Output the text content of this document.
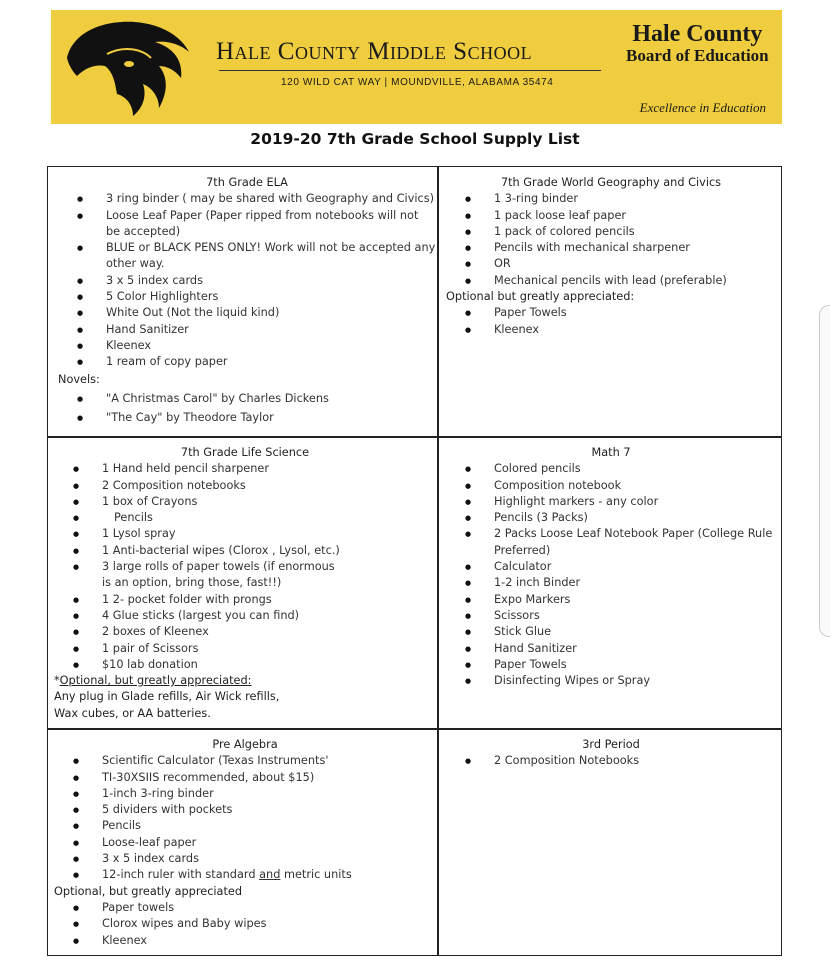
Hale County Middle School
120 WILD CAT WAY | MOUNDVILLE, ALABAMA 35474
Hale County
Board of Education
Excellence in Education
2019-20 7th Grade School Supply List
7th Grade ELA
● 3 ring binder ( may be shared with Geography and Civics)
● Loose Leaf Paper (Paper ripped from notebooks will not be accepted)
● BLUE or BLACK PENS ONLY! Work will not be accepted any other way.
● 3 x 5 index cards
● 5 Color Highlighters
● White Out (Not the liquid kind)
● Hand Sanitizer
● Kleenex
● 1 ream of copy paper
Novels:
● "A Christmas Carol" by Charles Dickens
● "The Cay" by Theodore Taylor
7th Grade World Geography and Civics
● 1 3-ring binder
● 1 pack loose leaf paper
● 1 pack of colored pencils
● Pencils with mechanical sharpener
● OR
● Mechanical pencils with lead (preferable)
Optional but greatly appreciated:
● Paper Towels
● Kleenex
7th Grade Life Science
● 1 Hand held pencil sharpener
● 2 Composition notebooks
● 1 box of Crayons
● Pencils
● 1 Lysol spray
● 1 Anti-bacterial wipes (Clorox , Lysol, etc.)
● 3 large rolls of paper towels (if enormous is an option, bring those, fast!!)
● 1 2- pocket folder with prongs
● 4 Glue sticks (largest you can find)
● 2 boxes of Kleenex
● 1 pair of Scissors
● $10 lab donation
*Optional, but greatly appreciated:
Any plug in Glade refills, Air Wick refills, Wax cubes, or AA batteries.
Math 7
● Colored pencils
● Composition notebook
● Highlight markers - any color
● Pencils (3 Packs)
● 2 Packs Loose Leaf Notebook Paper (College Rule Preferred)
● Calculator
● 1-2 inch Binder
● Expo Markers
● Scissors
● Stick Glue
● Hand Sanitizer
● Paper Towels
● Disinfecting Wipes or Spray
Pre Algebra
● Scientific Calculator (Texas Instruments'
● TI-30XSIIS recommended, about $15)
● 1-inch 3-ring binder
● 5 dividers with pockets
● Pencils
● Loose-leaf paper
● 3 x 5 index cards
● 12-inch ruler with standard and metric units
Optional, but greatly appreciated
● Paper towels
● Clorox wipes and Baby wipes
● Kleenex
3rd Period
● 2 Composition Notebooks
